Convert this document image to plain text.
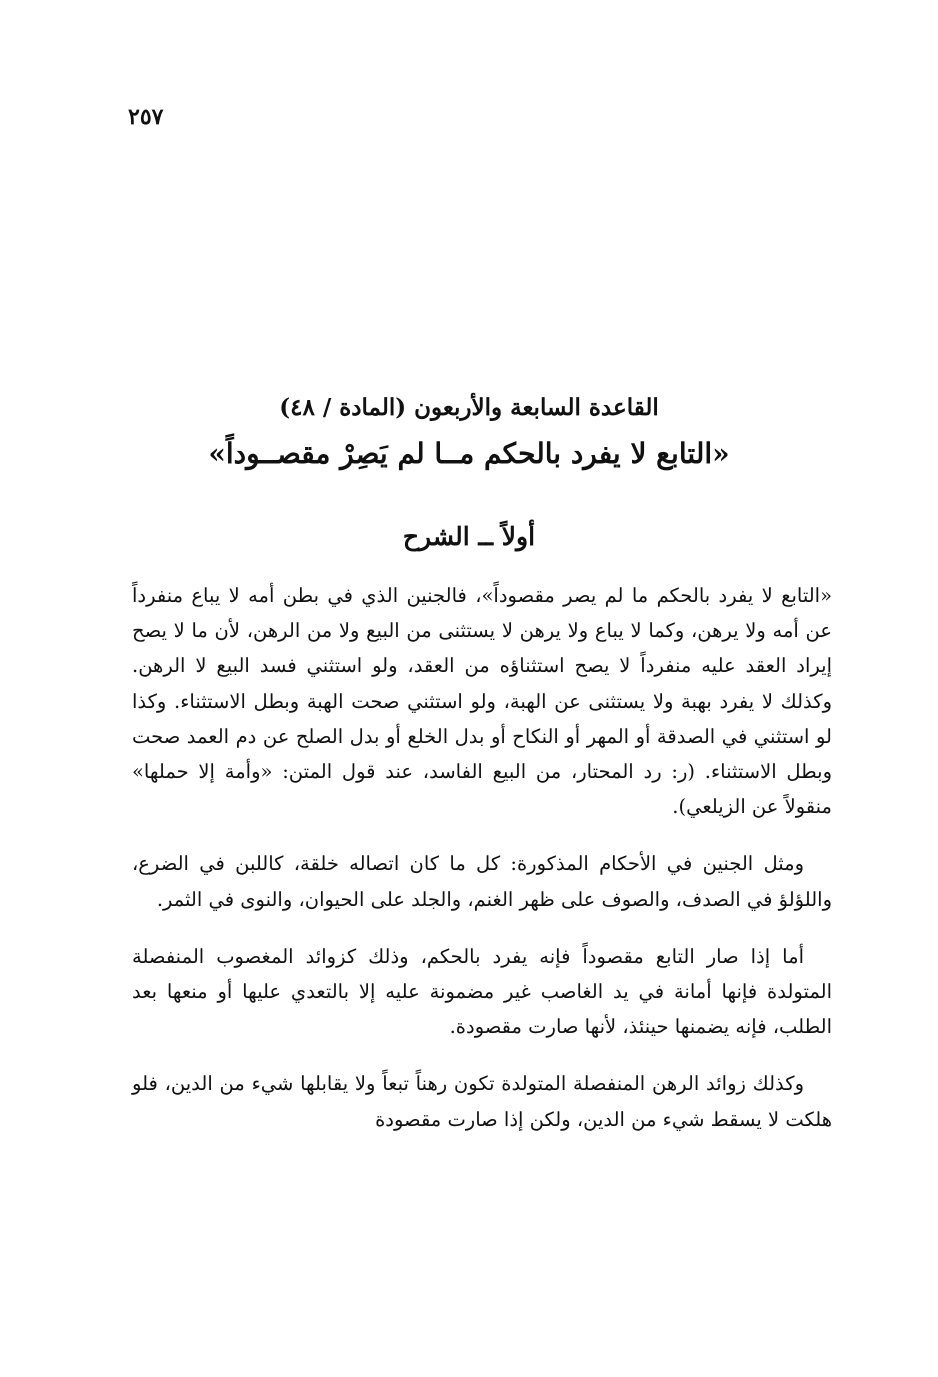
٢٥٧
القاعدة السابعة والأربعون (المادة / ٤٨)
«التابع لا يفرد بالحكم مــا لم يَصِرْ مقصــوداً»
أولاً ــ الشرح

«التابع لا يفرد بالحكم ما لم يصر مقصوداً»، فالجنين الذي في بطن أمه لا يباع منفرداً عن أمه ولا يرهن، وكما لا يباع ولا يرهن لا يستثنى من البيع ولا من الرهن، لأن ما لا يصح إيراد العقد عليه منفرداً لا يصح استثناؤه من العقد، ولو استثني فسد البيع لا الرهن. وكذلك لا يفرد بهبة ولا يستثنى عن الهبة، ولو استثني صحت الهبة وبطل الاستثناء. وكذا لو استثني في الصدقة أو المهر أو النكاح أو بدل الخلع أو بدل الصلح عن دم العمد صحت وبطل الاستثناء. (ر: رد المحتار، من البيع الفاسد، عند قول المتن: «وأمة إلا حملها» منقولاً عن الزيلعي).

ومثل الجنين في الأحكام المذكورة: كل ما كان اتصاله خلقة، كاللبن في الضرع، واللؤلؤ في الصدف، والصوف على ظهر الغنم، والجلد على الحيوان، والنوى في الثمر.

أما إذا صار التابع مقصوداً فإنه يفرد بالحكم، وذلك كزوائد المغصوب المنفصلة المتولدة فإنها أمانة في يد الغاصب غير مضمونة عليه إلا بالتعدي عليها أو منعها بعد الطلب، فإنه يضمنها حينئذ، لأنها صارت مقصودة.

وكذلك زوائد الرهن المنفصلة المتولدة تكون رهناً تبعاً ولا يقابلها شيء من الدين، فلو هلكت لا يسقط شيء من الدين، ولكن إذا صارت مقصودة
